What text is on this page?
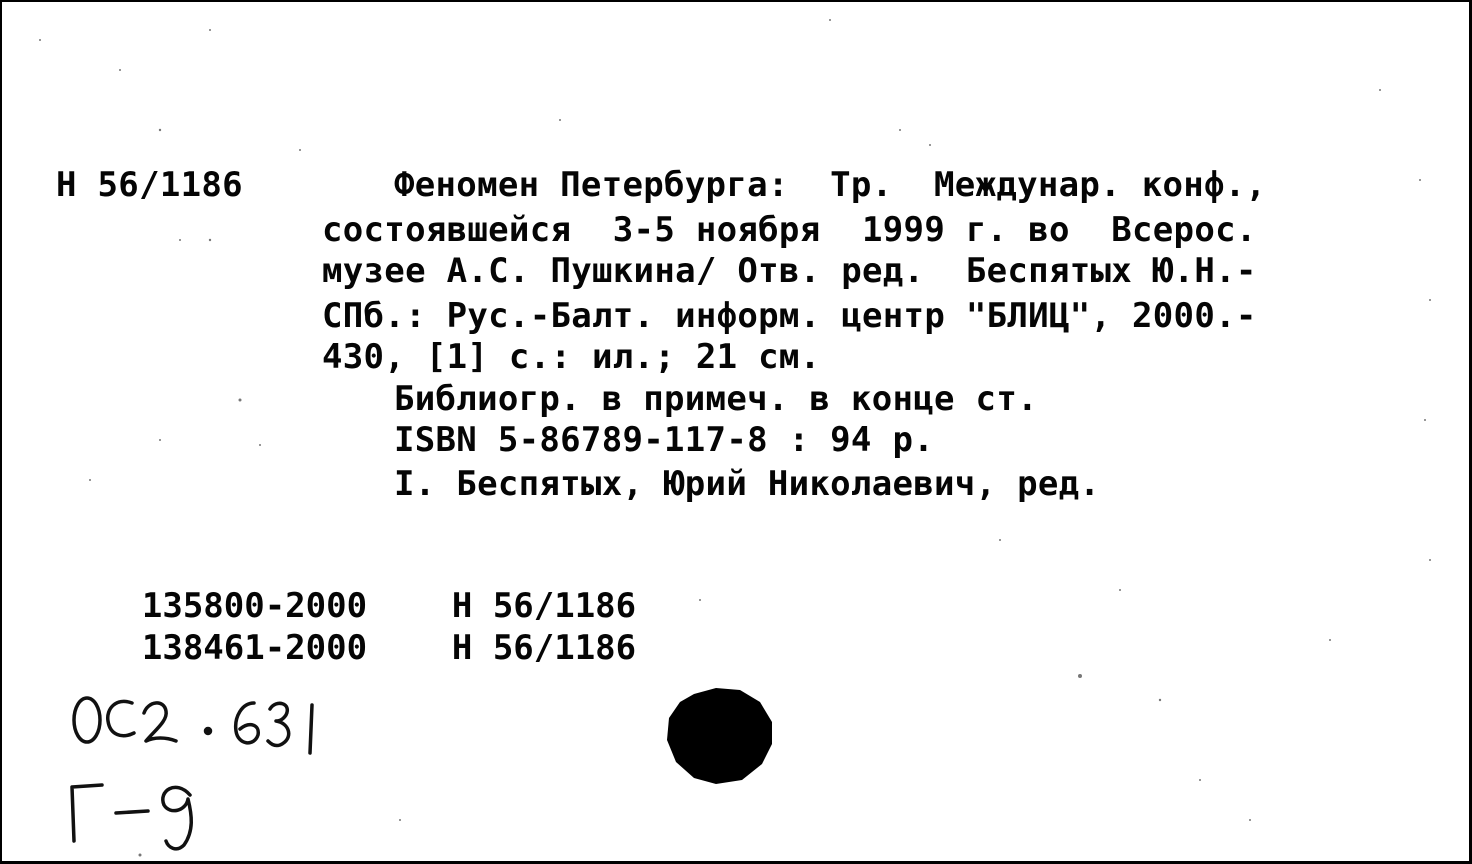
Н 56/1186	Феномен Петербурга:  Тр.  Междунар. конф.,
состоявшейся  3-5 ноября  1999 г. во  Всерос.
музее А.С. Пушкина/ Отв. ред.  Беспятых Ю.Н.-
СПб.: Рус.-Балт. информ. центр "БЛИЦ", 2000.-
430, [1] с.: ил.; 21 см.
Библиогр. в примеч. в конце ст.
ISBN 5-86789-117-8 : 94 р.
I. Беспятых, Юрий Николаевич, ред.

135800-2000 Н 56/1186

138461-2000 Н 56/1186
